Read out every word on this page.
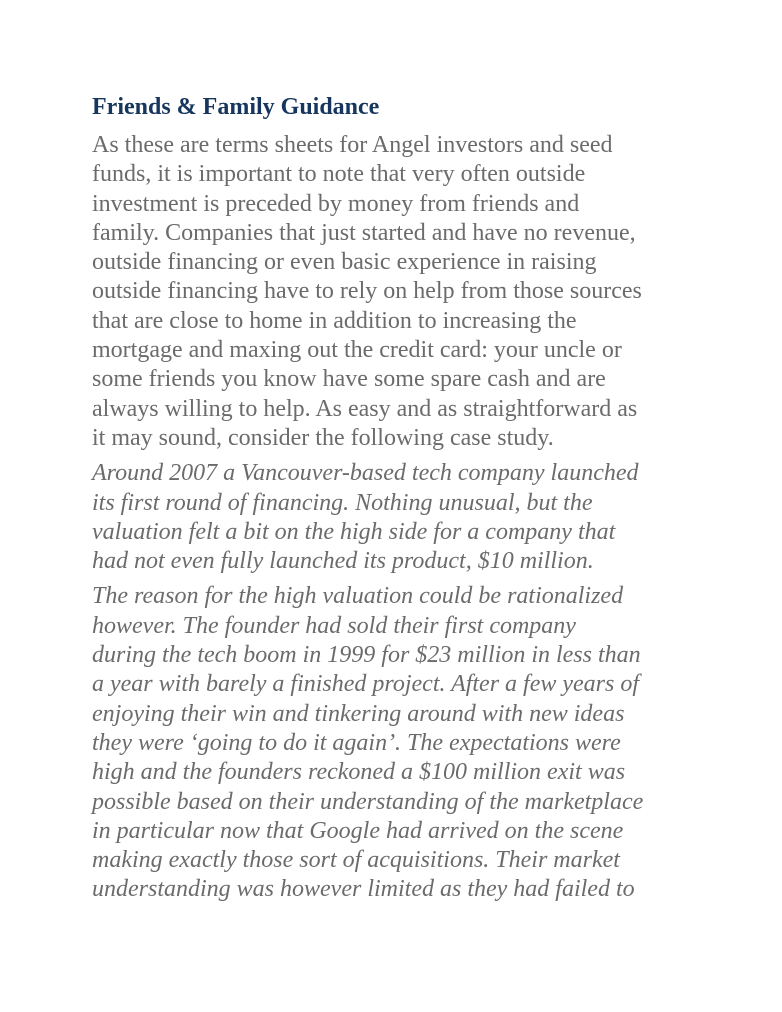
Friends & Family Guidance

As these are terms sheets for Angel investors and seed
funds, it is important to note that very often outside
investment is preceded by money from friends and
family. Companies that just started and have no revenue,
outside financing or even basic experience in raising
outside financing have to rely on help from those sources
that are close to home in addition to increasing the
mortgage and maxing out the credit card: your uncle or
some friends you know have some spare cash and are
always willing to help. As easy and as straightforward as
it may sound, consider the following case study.

Around 2007 a Vancouver-based tech company launched
its first round of financing. Nothing unusual, but the
valuation felt a bit on the high side for a company that
had not even fully launched its product, $10 million.

The reason for the high valuation could be rationalized
however. The founder had sold their first company
during the tech boom in 1999 for $23 million in less than
a year with barely a finished project. After a few years of
enjoying their win and tinkering around with new ideas
they were ‘going to do it again’. The expectations were
high and the founders reckoned a $100 million exit was
possible based on their understanding of the marketplace
in particular now that Google had arrived on the scene
making exactly those sort of acquisitions. Their market
understanding was however limited as they had failed to
